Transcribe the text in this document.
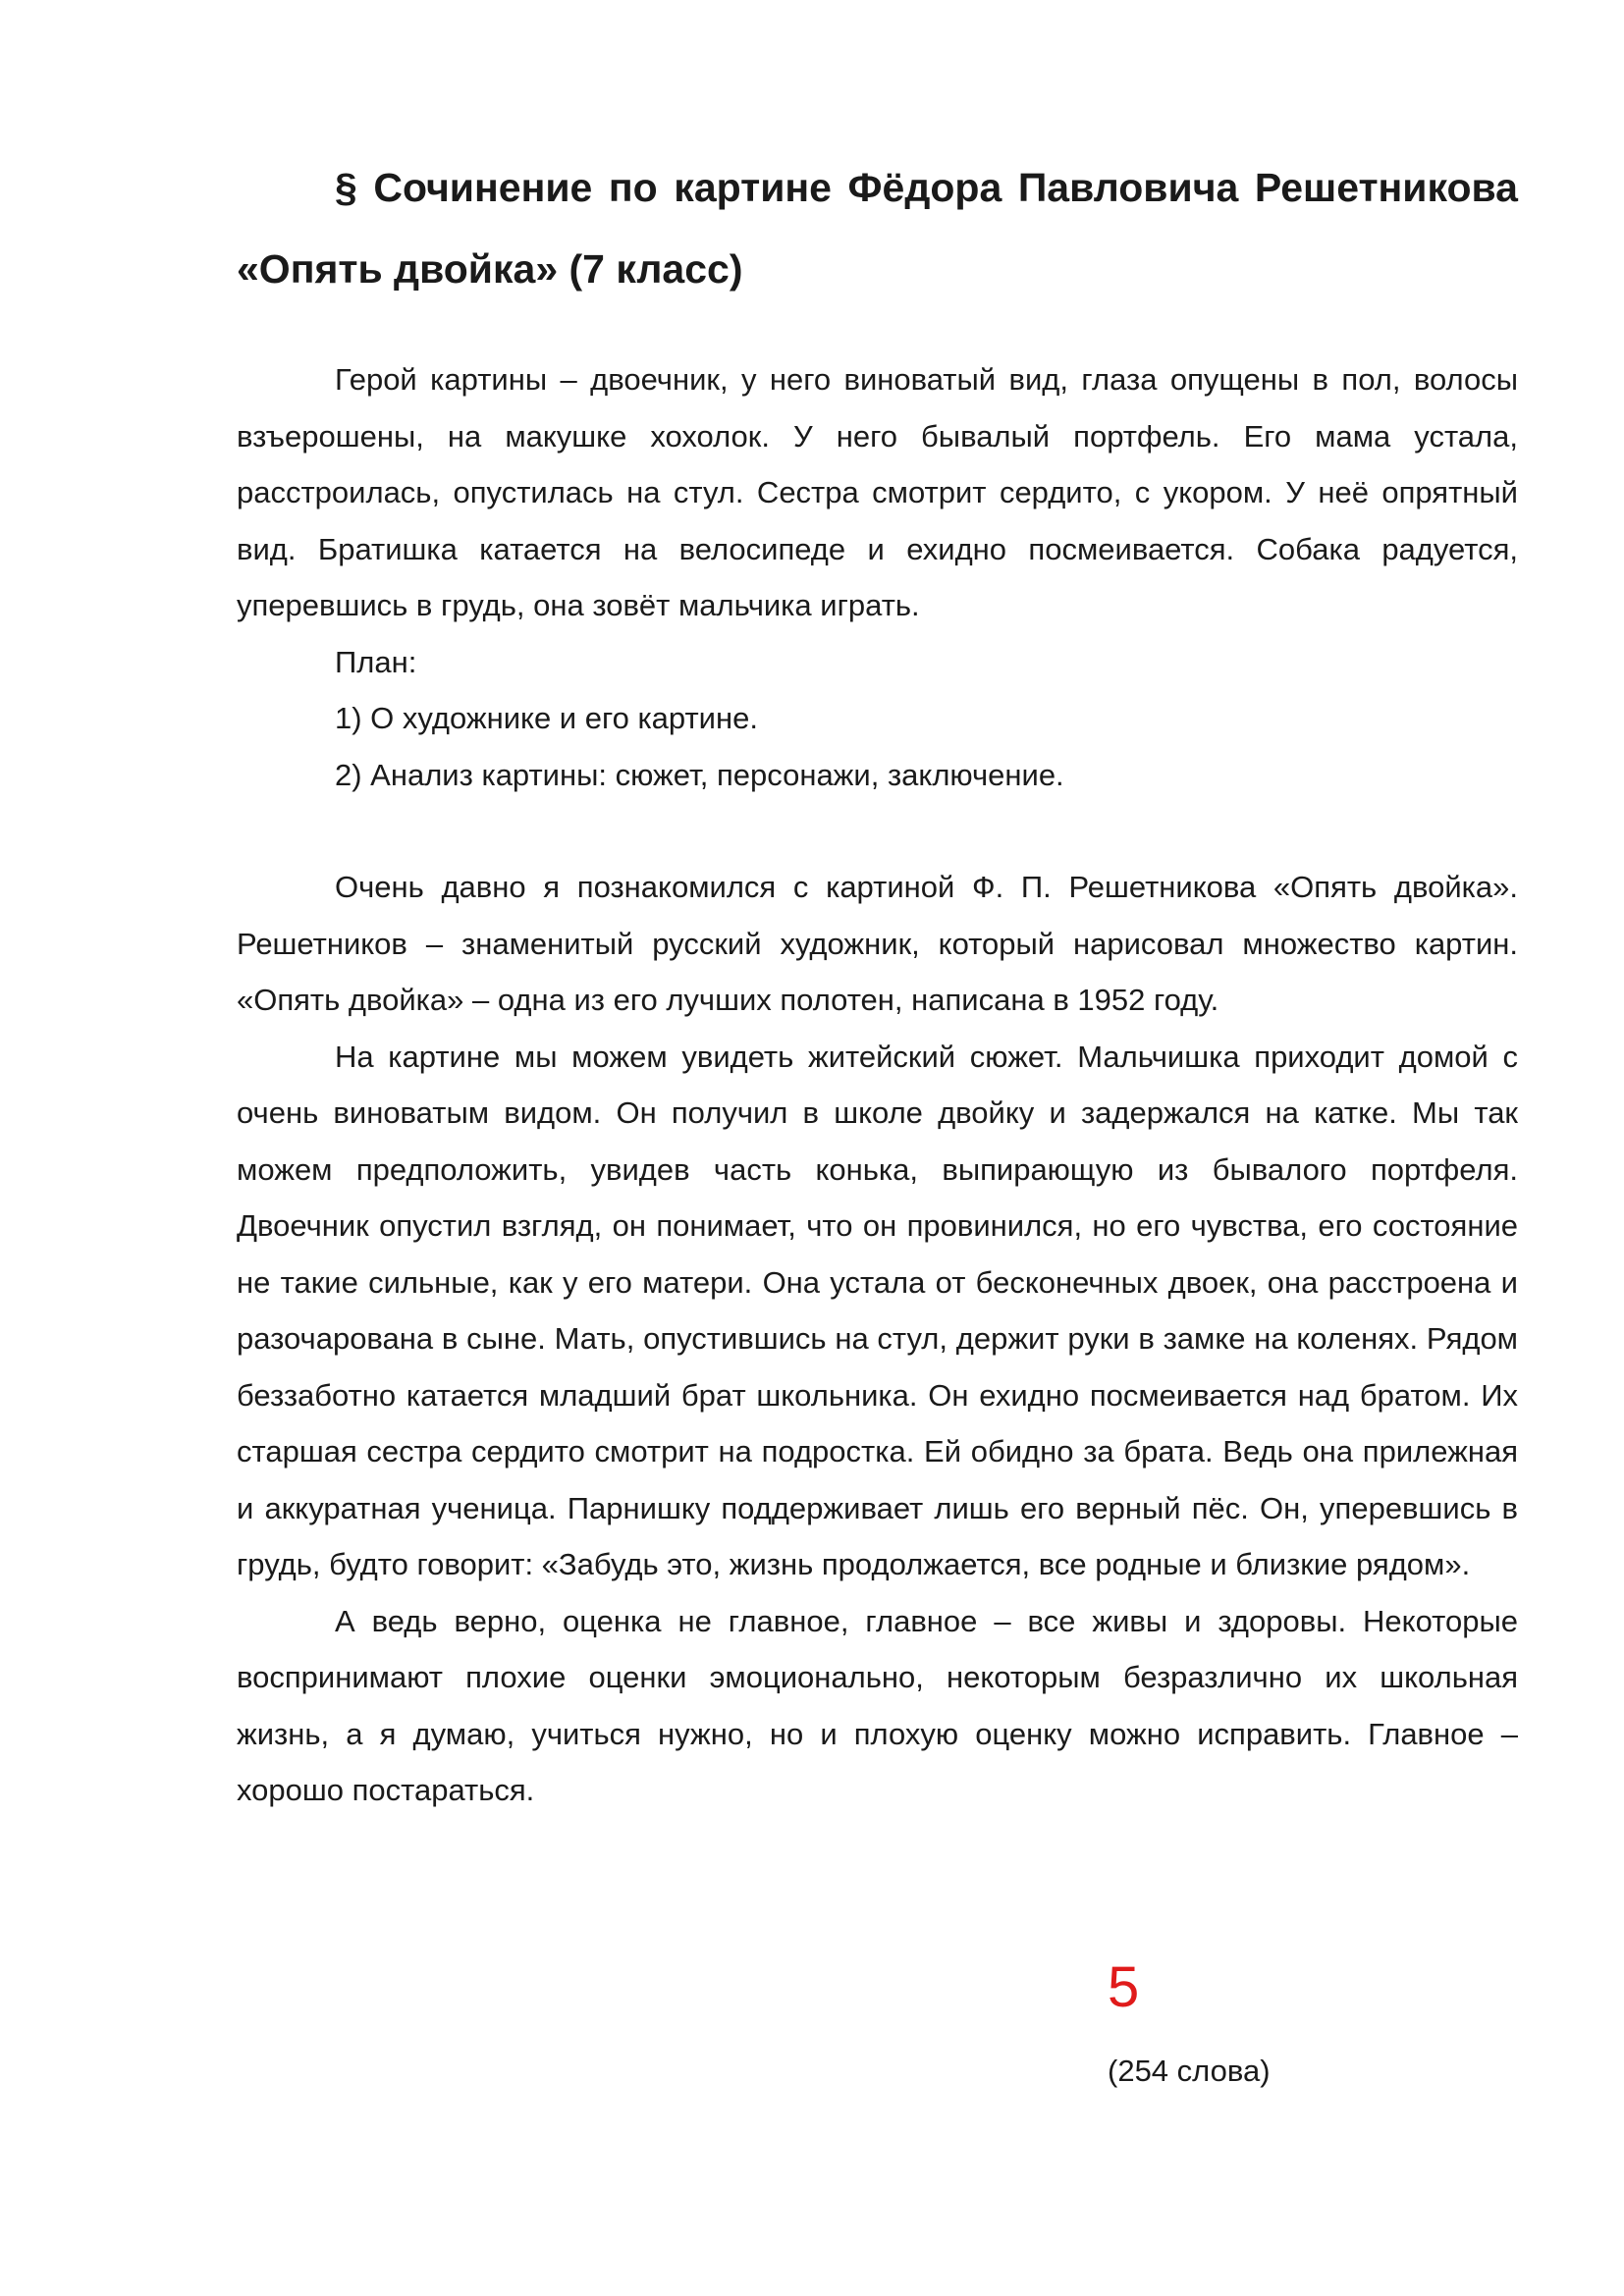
§ Сочинение по картине Фёдора Павловича Решетникова «Опять двойка» (7 класс)

Герой картины – двоечник, у него виноватый вид, глаза опущены в пол, волосы взъерошены, на макушке хохолок. У него бывалый портфель. Его мама устала, расстроилась, опустилась на стул. Сестра смотрит сердито, с укором. У неё опрятный вид. Братишка катается на велосипеде и ехидно посмеивается. Собака радуется, уперевшись в грудь, она зовёт мальчика играть.

План:

1) О художнике и его картине.

2) Анализ картины: сюжет, персонажи, заключение.

Очень давно я познакомился с картиной Ф. П. Решетникова «Опять двойка». Решетников – знаменитый русский художник, который нарисовал множество картин. «Опять двойка» – одна из его лучших полотен, написана в 1952 году.

На картине мы можем увидеть житейский сюжет. Мальчишка приходит домой с очень виноватым видом. Он получил в школе двойку и задержался на катке. Мы так можем предположить, увидев часть конька, выпирающую из бывалого портфеля. Двоечник опустил взгляд, он понимает, что он провинился, но его чувства, его состояние не такие сильные, как у его матери. Она устала от бесконечных двоек, она расстроена и разочарована в сыне. Мать, опустившись на стул, держит руки в замке на коленях. Рядом беззаботно катается младший брат школьника. Он ехидно посмеивается над братом. Их старшая сестра сердито смотрит на подростка. Ей обидно за брата. Ведь она прилежная и аккуратная ученица. Парнишку поддерживает лишь его верный пёс. Он, уперевшись в грудь, будто говорит: «Забудь это, жизнь продолжается, все родные и близкие рядом».

А ведь верно, оценка не главное, главное – все живы и здоровы. Некоторые воспринимают плохие оценки эмоционально, некоторым безразлично их школьная жизнь, а я думаю, учиться нужно, но и плохую оценку можно исправить. Главное – хорошо постараться.

5
(254 слова)
